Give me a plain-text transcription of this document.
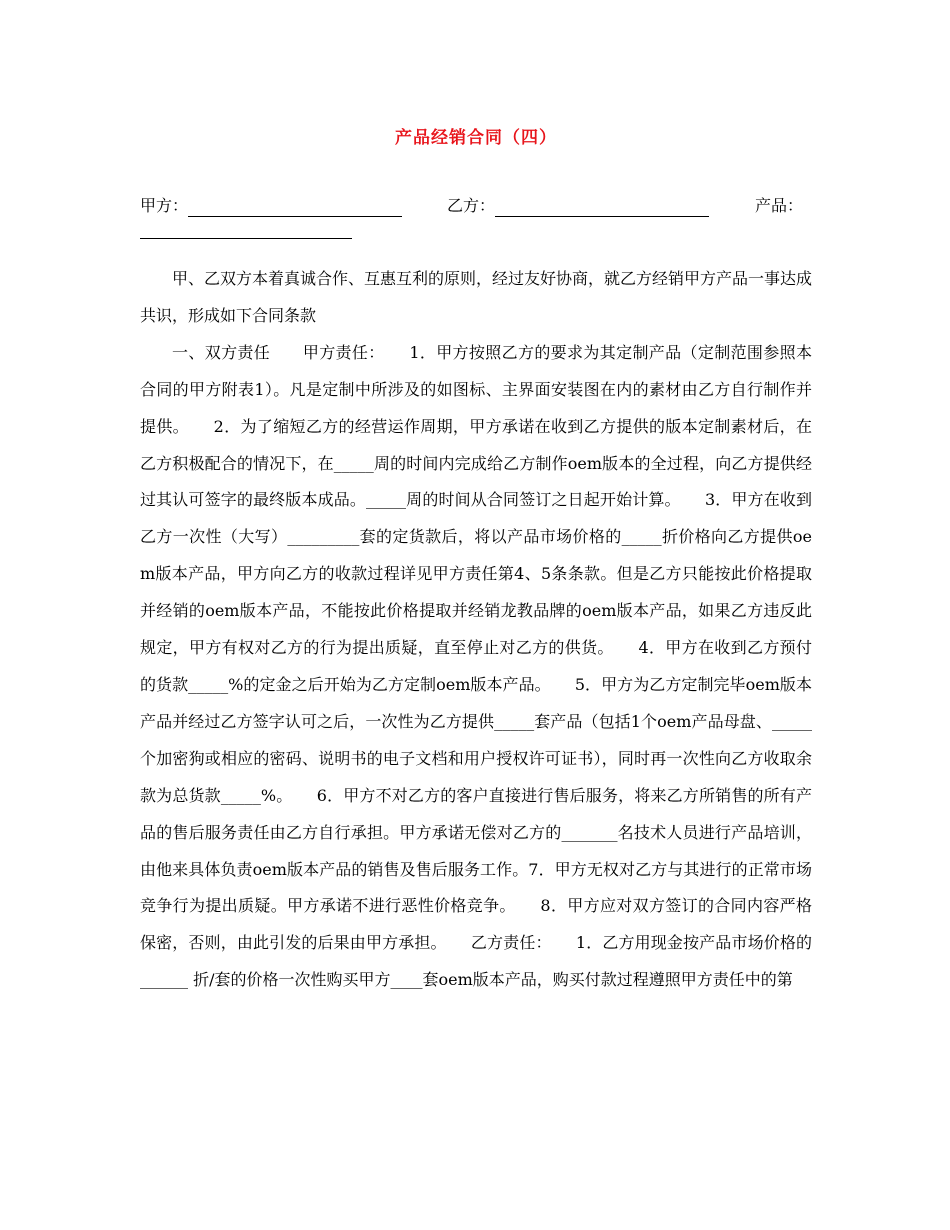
产品经销合同（四）
甲方：	乙方：	产品：

甲、乙双方本着真诚合作、互惠互利的原则，经过友好协商，就乙方经销甲方产品一事达成共识，形成如下合同条款

一、双方责任　　甲方责任：　　1．甲方按照乙方的要求为其定制产品（定制范围参照本合同的甲方附表1）。凡是定制中所涉及的如图标、主界面安装图在内的素材由乙方自行制作并提供。　　2．为了缩短乙方的经营运作周期，甲方承诺在收到乙方提供的版本定制素材后，在乙方积极配合的情况下，在_____周的时间内完成给乙方制作oem版本的全过程，向乙方提供经过其认可签字的最终版本成品。_____周的时间从合同签订之日起开始计算。　　3．甲方在收到乙方一次性（大写）_________套的定货款后，将以产品市场价格的_____折价格向乙方提供oem版本产品，甲方向乙方的收款过程详见甲方责任第4、5条条款。但是乙方只能按此价格提取并经销的oem版本产品，不能按此价格提取并经销龙教品牌的oem版本产品，如果乙方违反此规定，甲方有权对乙方的行为提出质疑，直至停止对乙方的供货。　　4．甲方在收到乙方预付的货款_____%的定金之后开始为乙方定制oem版本产品。　　5．甲方为乙方定制完毕oem版本产品并经过乙方签字认可之后，一次性为乙方提供_____套产品（包括1个oem产品母盘、_____个加密狗或相应的密码、说明书的电子文档和用户授权许可证书），同时再一次性向乙方收取余款为总货款_____%。　　6．甲方不对乙方的客户直接进行售后服务，将来乙方所销售的所有产品的售后服务责任由乙方自行承担。甲方承诺无偿对乙方的_______名技术人员进行产品培训，由他来具体负责oem版本产品的销售及售后服务工作。7．甲方无权对乙方与其进行的正常市场竞争行为提出质疑。甲方承诺不进行恶性价格竞争。　　8．甲方应对双方签订的合同内容严格保密，否则，由此引发的后果由甲方承担。　　乙方责任：　　1．乙方用现金按产品市场价格的______ 折/套的价格一次性购买甲方____套oem版本产品，购买付款过程遵照甲方责任中的第
